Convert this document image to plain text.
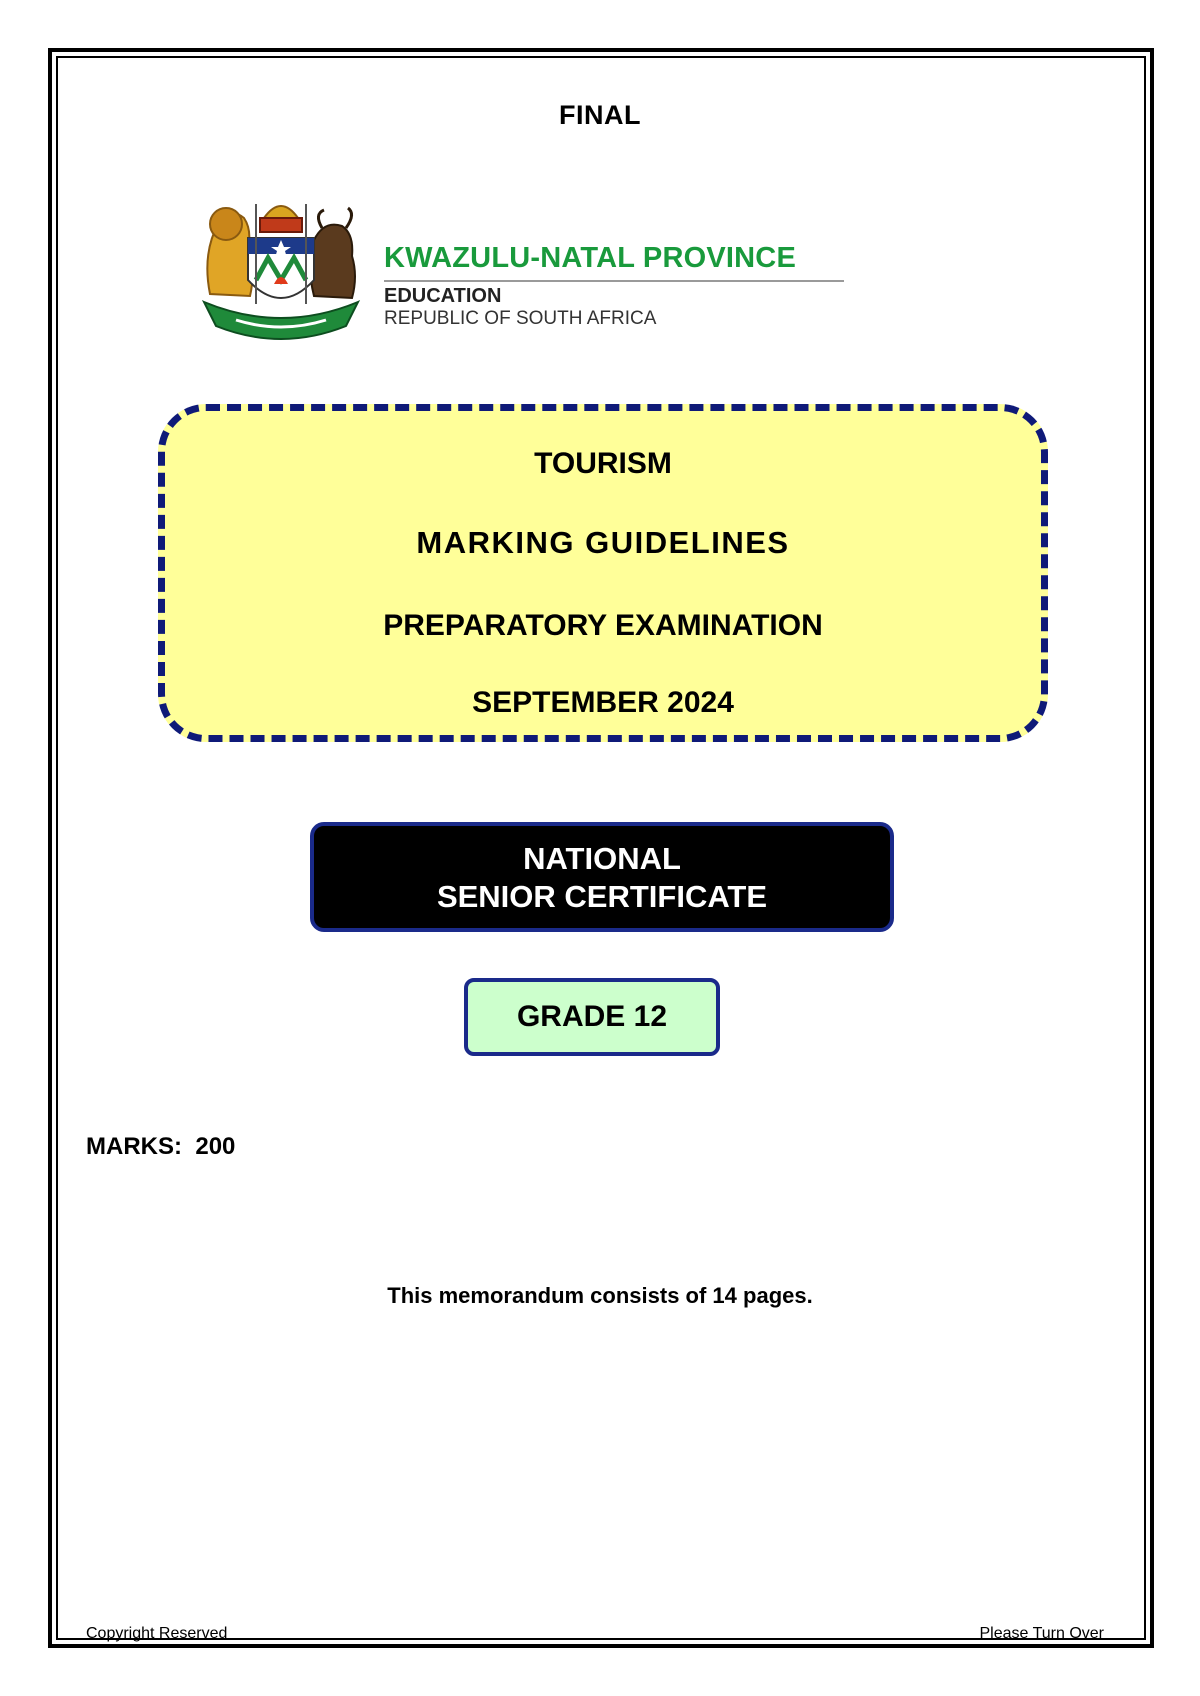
FINAL
KWAZULU-NATAL PROVINCE
EDUCATION
REPUBLIC OF SOUTH AFRICA
TOURISM
MARKING GUIDELINES
PREPARATORY EXAMINATION
SEPTEMBER 2024
NATIONAL
SENIOR CERTIFICATE
GRADE 12
MARKS: 200
This memorandum consists of 14 pages.
Copyright Reserved	Please Turn Over
